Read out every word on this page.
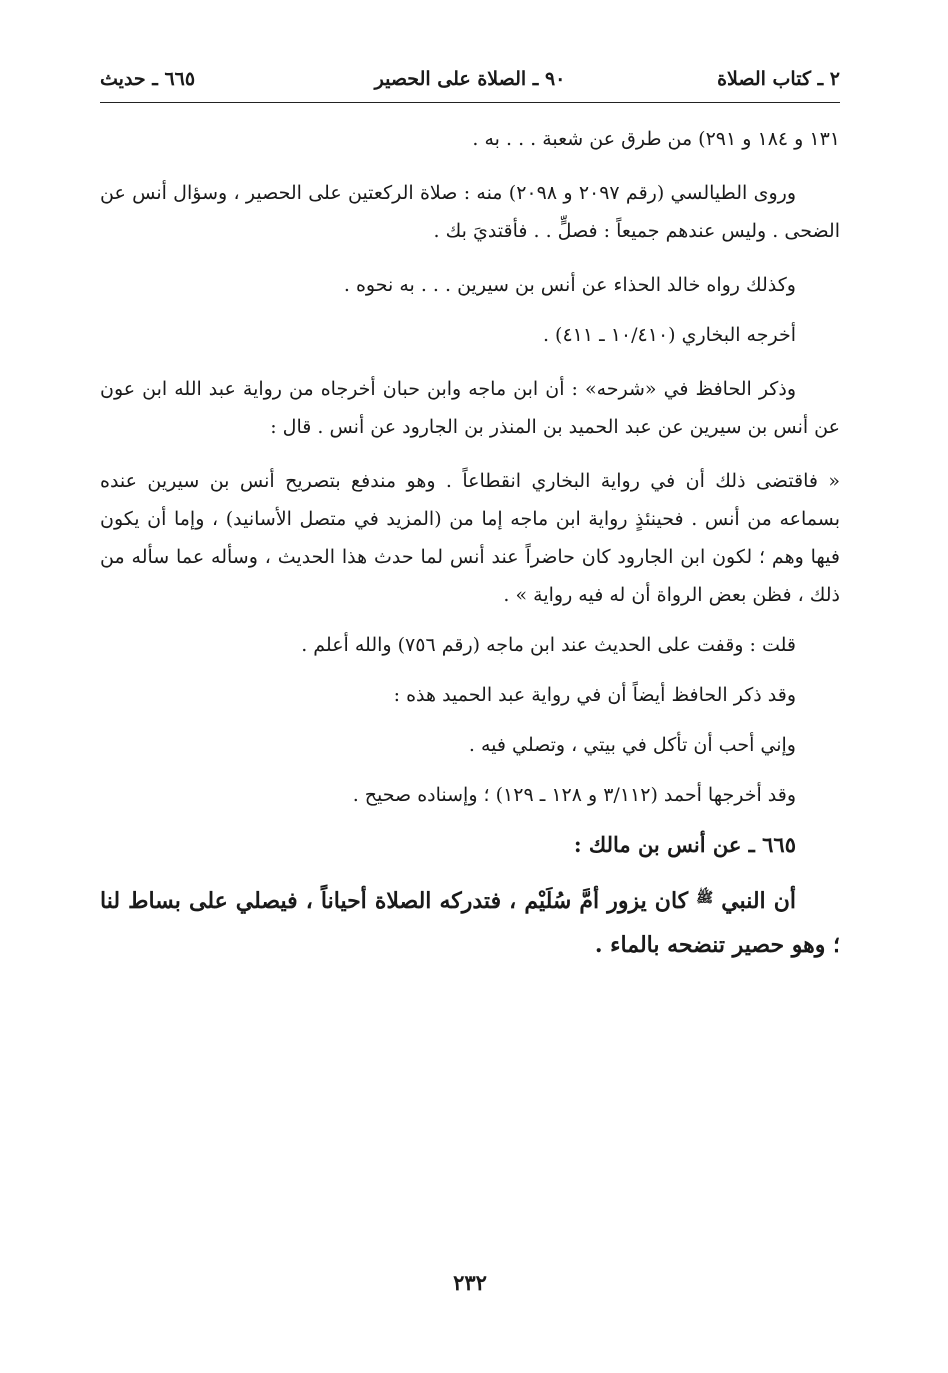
٢ ـ كتاب الصلاة
٩٠ ـ الصلاة على الحصير
٦٦٥ ـ حديث

١٣١ و ١٨٤ و ٢٩١) من طرق عن شعبة . . . به .

وروى الطيالسي (رقم ٢٠٩٧ و ٢٠٩٨) منه : صلاة الركعتين على الحصير ، وسؤال أنس عن الضحى . وليس عندهم جميعاً : فصلٍّ . . فأقتديَ بك .

وكذلك رواه خالد الحذاء عن أنس بن سيرين . . . به نحوه .

أخرجه البخاري (١٠/٤١٠ ـ ٤١١) .

وذكر الحافظ في «شرحه» : أن ابن ماجه وابن حبان أخرجاه من رواية عبد الله ابن عون عن أنس بن سيرين عن عبد الحميد بن المنذر بن الجارود عن أنس . قال :

« فاقتضى ذلك أن في رواية البخاري انقطاعاً . وهو مندفع بتصريح أنس بن سيرين عنده بسماعه من أنس . فحينئذٍ رواية ابن ماجه إما من (المزيد في متصل الأسانيد) ، وإما أن يكون فيها وهم ؛ لكون ابن الجارود كان حاضراً عند أنس لما حدث هذا الحديث ، وسأله عما سأله من ذلك ، فظن بعض الرواة أن له فيه رواية » .

قلت : وقفت على الحديث عند ابن ماجه (رقم ٧٥٦) والله أعلم .

وقد ذكر الحافظ أيضاً أن في رواية عبد الحميد هذه :

وإني أحب أن تأكل في بيتي ، وتصلي فيه .

وقد أخرجها أحمد (٣/١١٢ و ١٢٨ ـ ١٢٩) ؛ وإسناده صحيح .

٦٦٥ ـ عن أنس بن مالك :

أن النبي $^ﷺ$ كان يزور أمَّ سُلَيْم ، فتدركه الصلاة أحياناً ، فيصلي على بساط لنا ؛ وهو حصير تنضحه بالماء .

٢٣٢
